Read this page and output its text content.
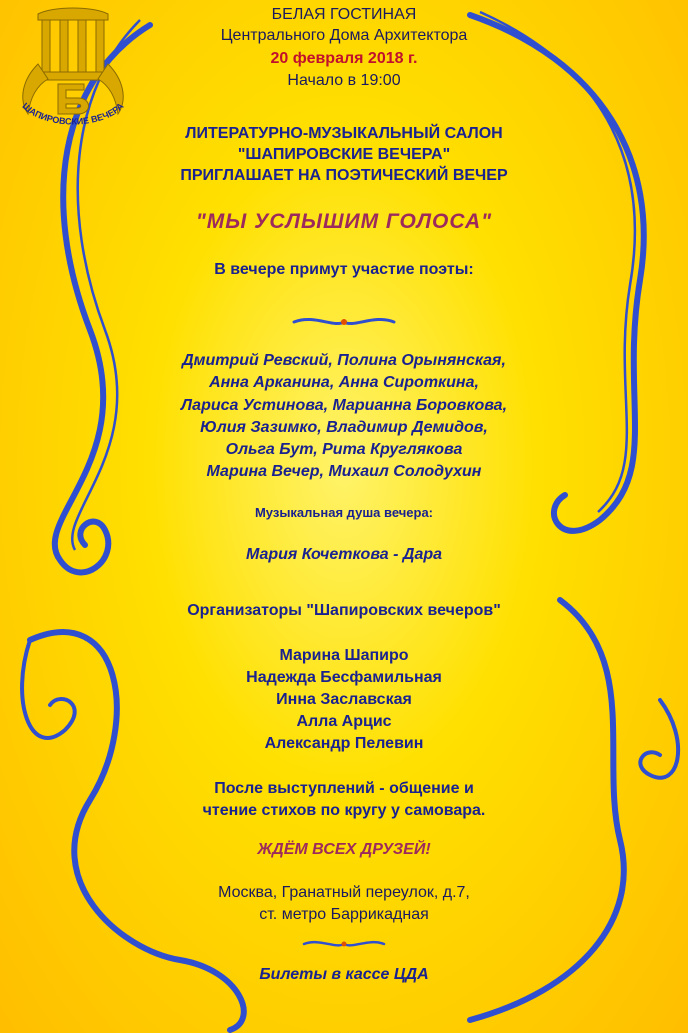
ШАПИРОВСКИЕ ВЕЧЕРА
БЕЛАЯ ГОСТИНАЯ
Центрального Дома Архитектора
20 февраля 2018 г.
Начало в 19:00
ЛИТЕРАТУРНО-МУЗЫКАЛЬНЫЙ САЛОН
"ШАПИРОВСКИЕ ВЕЧЕРА"
ПРИГЛАШАЕТ НА ПОЭТИЧЕСКИЙ ВЕЧЕР
"МЫ УСЛЫШИМ ГОЛОСА"
В вечере примут участие поэты:
Дмитрий Ревский, Полина Орынянская,
Анна Арканина, Анна Сироткина,
Лариса Устинова, Марианна Боровкова,
Юлия Зазимко, Владимир Демидов,
Ольга Бут, Рита Круглякова
Марина Вечер, Михаил Солодухин
Музыкальная душа вечера:
Мария Кочеткова - Дара
Организаторы "Шапировских вечеров"
Марина Шапиро
Надежда Бесфамильная
Инна Заславская
Алла Арцис
Александр Пелевин
После выступлений - общение и
чтение стихов по кругу у самовара.
ЖДЁМ ВСЕХ ДРУЗЕЙ!
Москва, Гранатный переулок, д.7,
ст. метро Баррикадная
Билеты в кассе ЦДА
